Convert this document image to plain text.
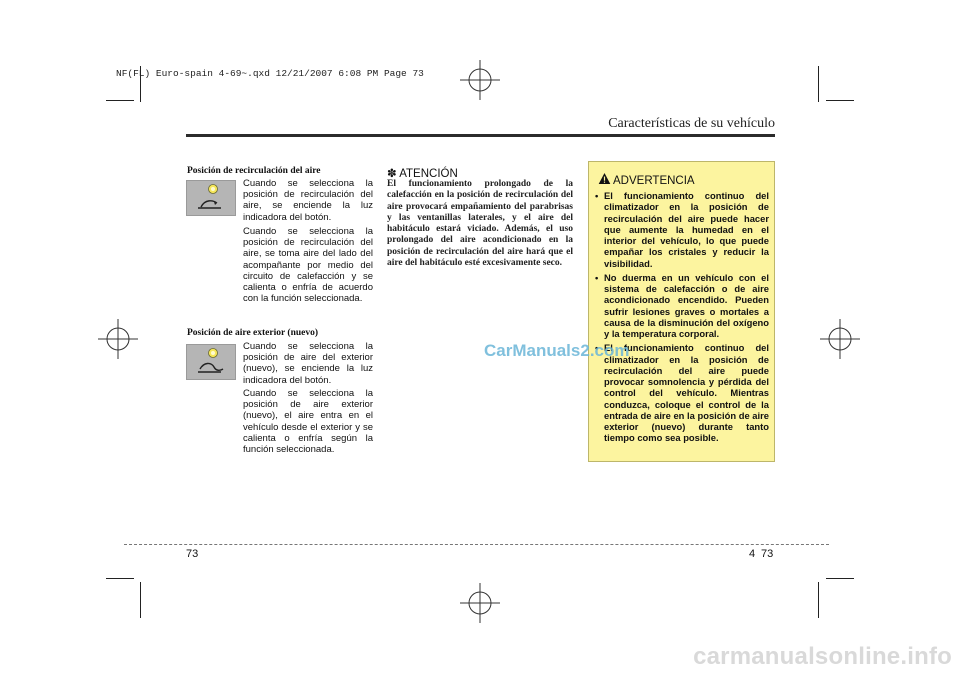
NF(FL) Euro-spain 4-69~.qxd 12/21/2007 6:08 PM Page 73
Características de su vehículo
Posición de recirculación del aire
Cuando se selecciona la posición de recirculación del aire, se enciende la luz indicadora del botón.
Cuando se selecciona la posición de recirculación del aire, se toma aire del lado del acompañante por medio del circuito de calefacción y se calienta o enfría de acuerdo con la función seleccionada.
Posición de aire exterior (nuevo)
Cuando se selecciona la posición de aire del exterior (nuevo), se enciende la luz indicadora del botón.
Cuando se selecciona la posición de aire exterior (nuevo), el aire entra en el vehículo desde el exterior y se calienta o enfría según la función seleccionada.
✽ ATENCIÓN
El funcionamiento prolongado de la calefacción en la posición de recirculación del aire provocará empañamiento del parabrisas y las ventanillas laterales, y el aire del habitáculo estará viciado. Además, el uso prolongado del aire acondicionado en la posición de recirculación del aire hará que el aire del habitáculo esté excesivamente seco.
ADVERTENCIA
• El funcionamiento continuo del climatizador en la posición de recirculación del aire puede hacer que aumente la humedad en el interior del vehículo, lo que puede empañar los cristales y reducir la visibilidad.
• No duerma en un vehículo con el sistema de calefacción o de aire acondicionado encendido. Pueden sufrir lesiones graves o mortales a causa de la disminución del oxígeno y la temperatura corporal.
• El funcionamiento continuo del climatizador en la posición de recirculación del aire puede provocar somnolencia y pérdida del control del vehículo. Mientras conduzca, coloque el control de la entrada de aire en la posición de aire exterior (nuevo) durante tanto tiempo como sea posible.
CarManuals2.com
73	4 73
carmanualsonline.info
